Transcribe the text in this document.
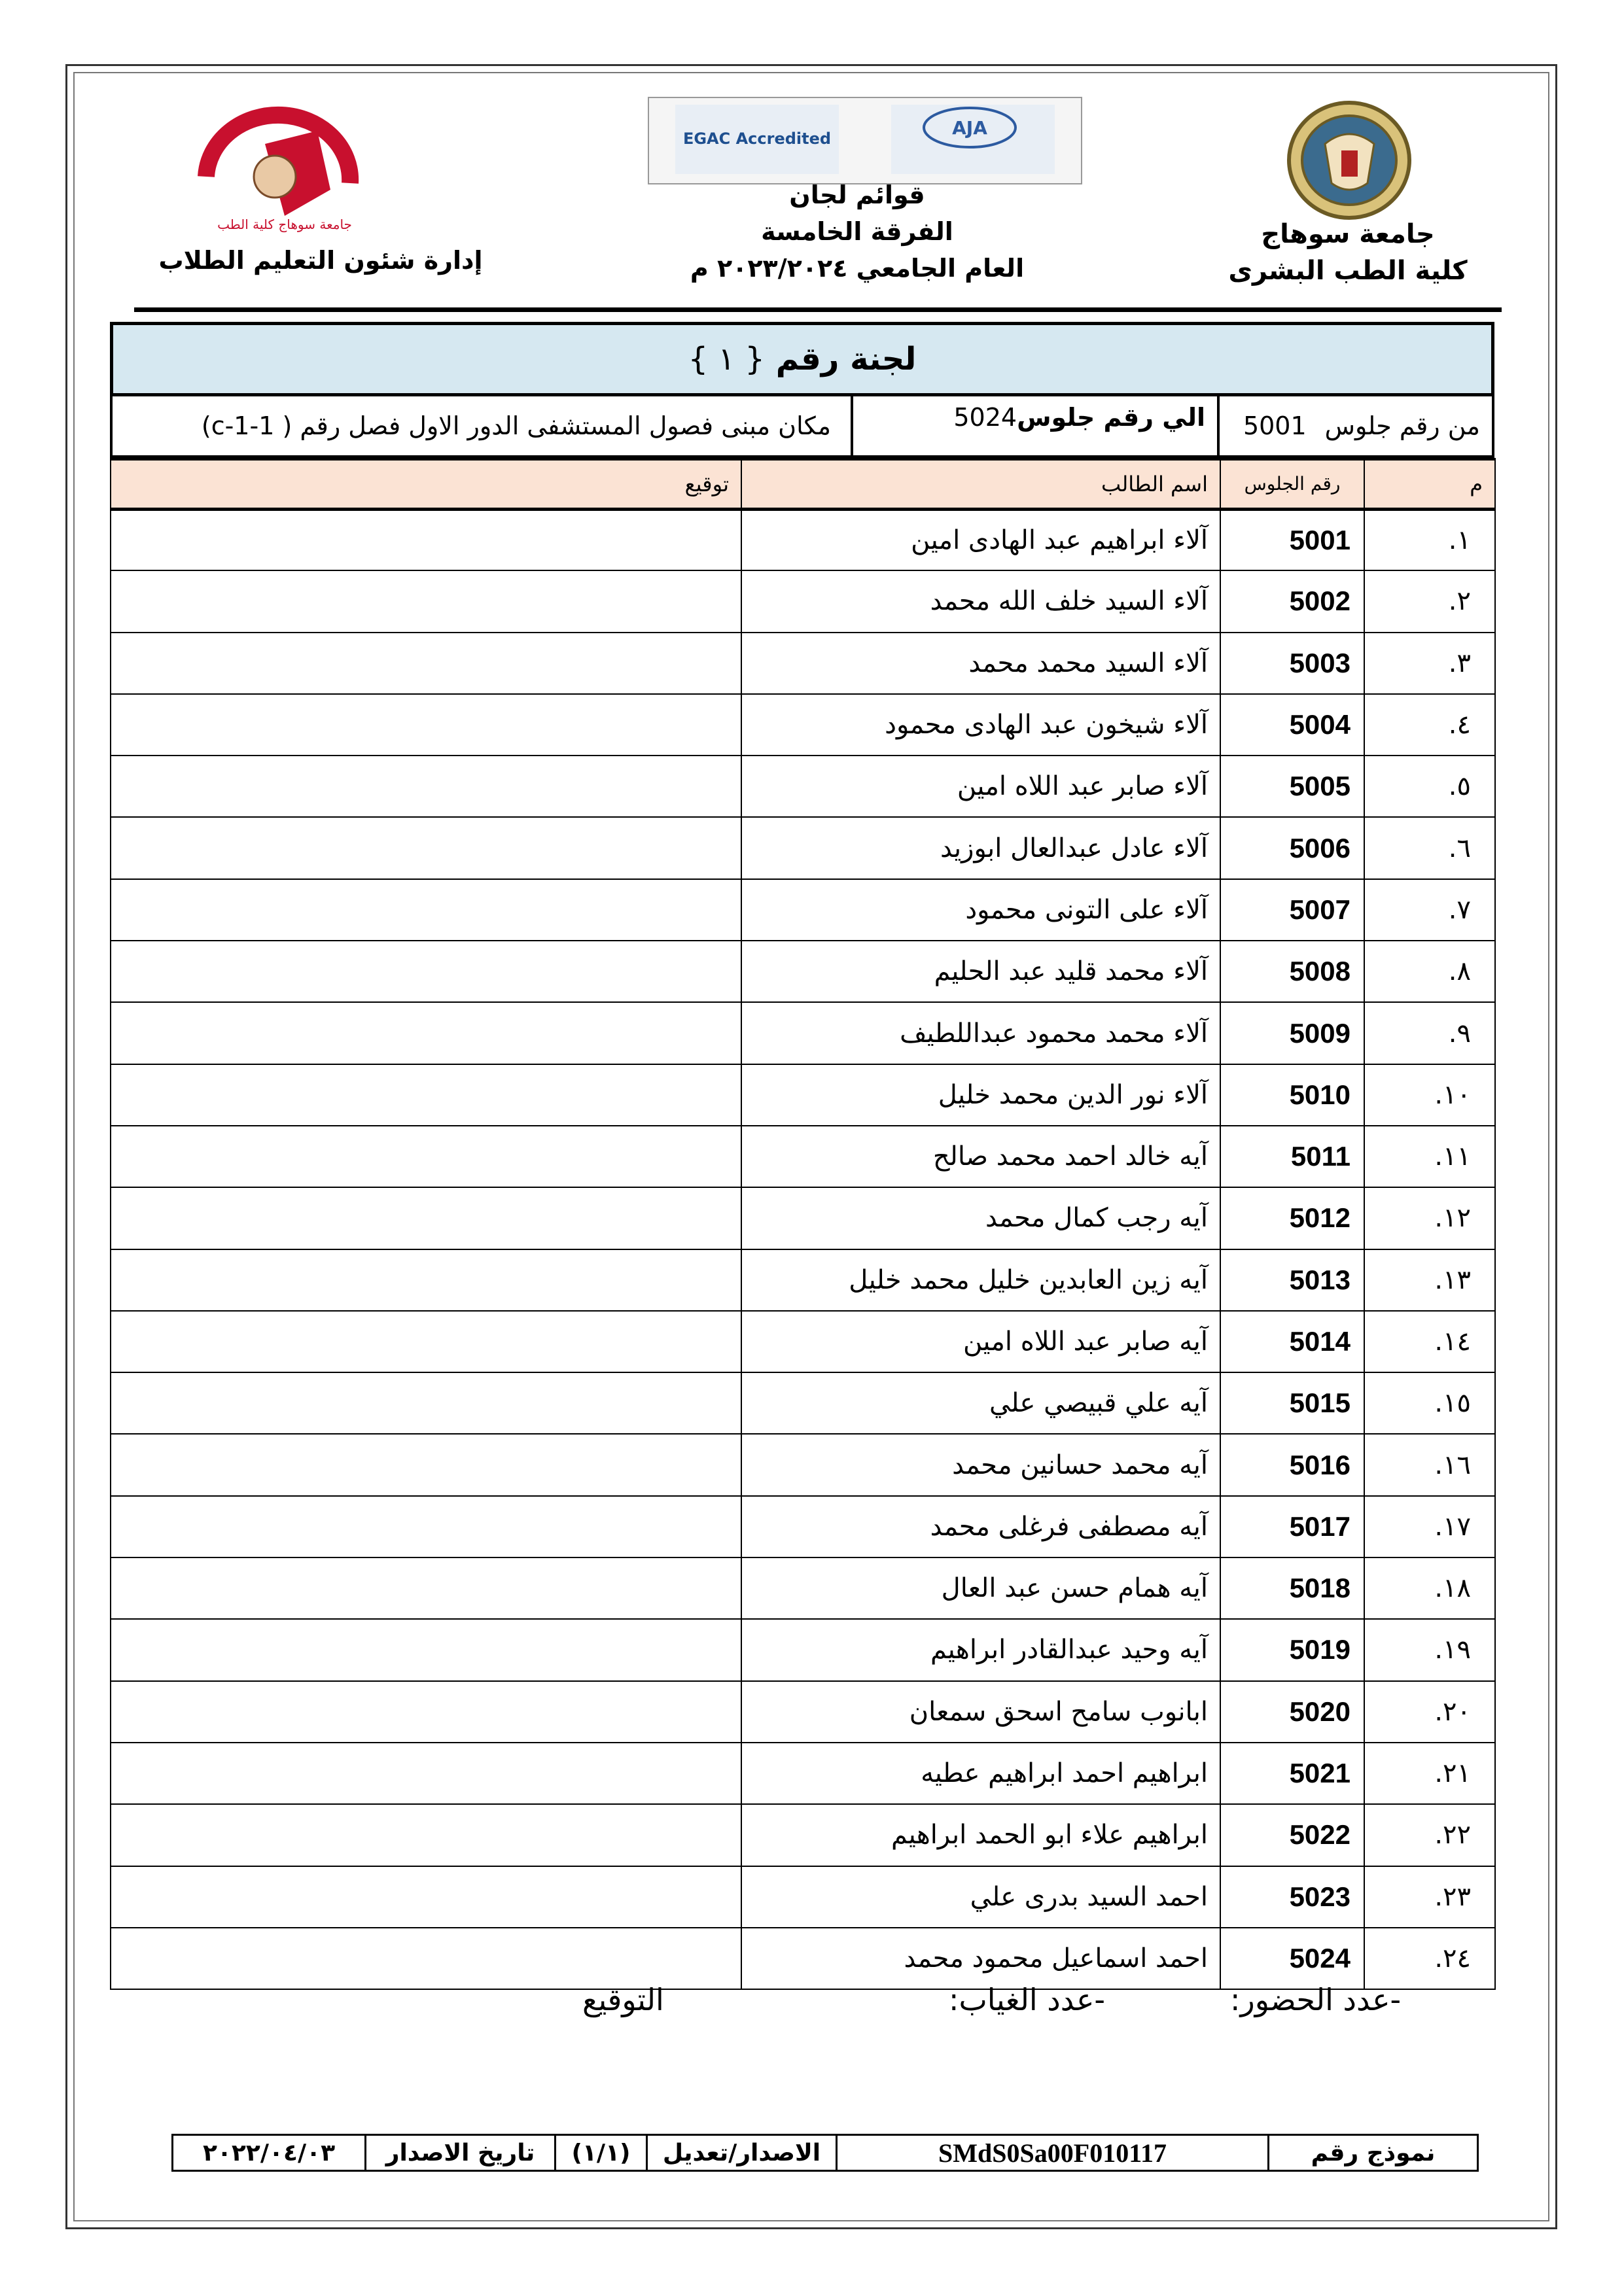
EGAC Accredited	AJA
جامعة سوهاج كلية الطب	جامعة سوهاج
كلية الطب البشرى
قوائم لجان
الفرقة الخامسة
العام الجامعي ٢٠٢٣/٢٠٢٤ م
إدارة شئون التعليم الطلاب
لجنة رقم

{ ١ }
من رقم جلوس
5001
الي رقم جلوس
5024
مكان مبنى فصول المستشفى الدور الاول فصل رقم ( c-1-1)
م	رقم الجلوس	اسم الطالب	توقيع
١.	5001	آلاء ابراهيم عبد الهادى امين	
٢.	5002	آلاء السيد خلف الله محمد	
٣.	5003	آلاء السيد محمد محمد	
٤.	5004	آلاء شيخون عبد الهادى محمود	
٥.	5005	آلاء صابر عبد اللاه امين	
٦.	5006	آلاء عادل عبدالعال ابوزيد	
٧.	5007	آلاء على التونى محمود	
٨.	5008	آلاء محمد قليد عبد الحليم	
٩.	5009	آلاء محمد محمود عبداللطيف	
١٠.	5010	آلاء نور الدين محمد خليل	
١١.	5011	آيه خالد احمد محمد صالح	
١٢.	5012	آيه رجب كمال محمد	
١٣.	5013	آيه زين العابدين خليل محمد خليل	
١٤.	5014	آيه صابر عبد اللاه امين	
١٥.	5015	آيه علي قبيصي علي	
١٦.	5016	آيه محمد حسانين محمد	
١٧.	5017	آيه مصطفى فرغلى محمد	
١٨.	5018	آيه همام حسن عبد العال	
١٩.	5019	آيه وحيد عبدالقادر ابراهيم	
٢٠.	5020	ابانوب سامح اسحق سمعان	
٢١.	5021	ابراهيم احمد ابراهيم عطيه	
٢٢.	5022	ابراهيم علاء ابو الحمد ابراهيم	
٢٣.	5023	احمد السيد بدرى علي	
٢٤.	5024	احمد اسماعيل محمود محمد	
-عدد الحضور:
-عدد الغياب:
التوقيع
نموذج رقم
SMdS0Sa00F010117
الاصدار/تعديل
(١/١)
تاريخ الاصدار
٢٠٢٢/٠٤/٠٣
